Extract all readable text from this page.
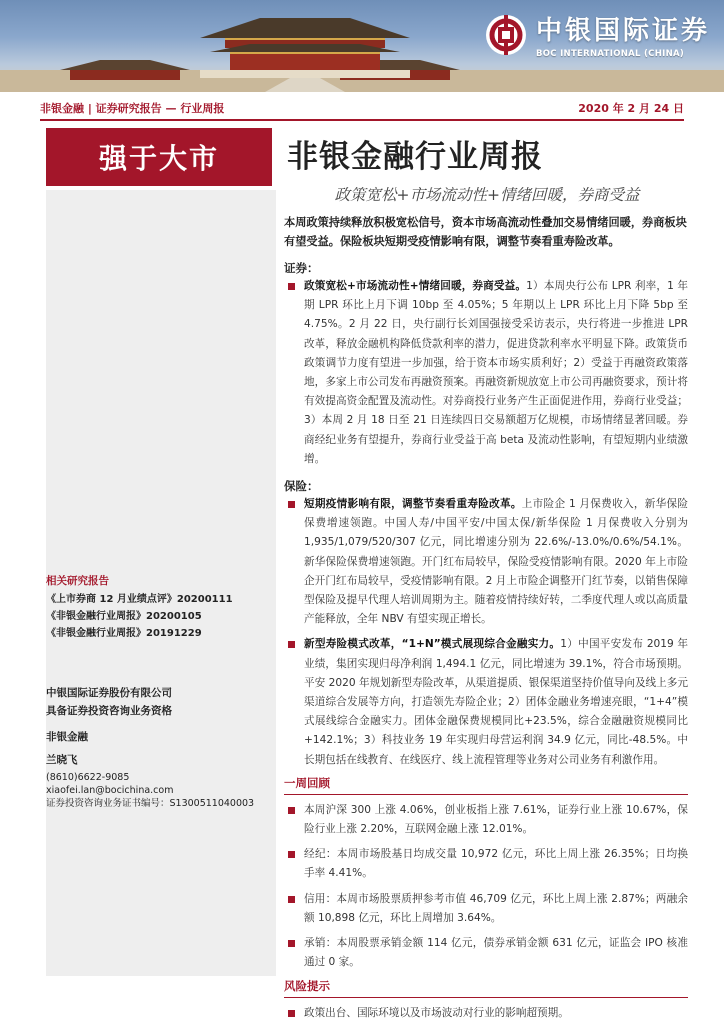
中银国际证券
BOC INTERNATIONAL (CHINA)
非银金融 | 证券研究报告 — 行业周报	2020 年 2 月 24 日
强于大市
相关研究报告
《上市券商 12 月业绩点评》20200111
《非银金融行业周报》20200105
《非银金融行业周报》20191229
中银国际证券股份有限公司
具备证券投资咨询业务资格
非银金融
兰晓飞
(8610)6622-9085
xiaofei.lan@bocichina.com
证券投资咨询业务证书编号：S1300511040003
非银金融行业周报
政策宽松+市场流动性+情绪回暖，券商受益
本周政策持续释放积极宽松信号，资本市场高流动性叠加交易情绪回暖，券商板块有望受益。保险板块短期受疫情影响有限，调整节奏看重寿险改革。
证券：
政策宽松+市场流动性+情绪回暖，券商受益。1）本周央行公布 LPR 利率，1 年期 LPR 环比上月下调 10bp 至 4.05%；5 年期以上 LPR 环比上月下降 5bp 至 4.75%。2 月 22 日，央行副行长刘国强接受采访表示，央行将进一步推进 LPR 改革，释放金融机构降低贷款利率的潜力，促进贷款利率水平明显下降。政策货币政策调节力度有望进一步加强，给于资本市场实质利好；2）受益于再融资政策落地，多家上市公司发布再融资预案。再融资新规放宽上市公司再融资要求，预计将有效提高资金配置及流动性。对券商投行业务产生正面促进作用，券商行业受益；3）本周 2 月 18 日至 21 日连续四日交易额超万亿规模，市场情绪显著回暖。券商经纪业务有望提升，券商行业受益于高 beta 及流动性影响，有望短期内业绩激增。
保险：
短期疫情影响有限，调整节奏看重寿险改革。上市险企 1 月保费收入，新华保险保费增速领跑。中国人寿/中国平安/中国太保/新华保险 1 月保费收入分别为 1,935/1,079/520/307 亿元，同比增速分别为 22.6%/-13.0%/0.6%/54.1%。新华保险保费增速领跑。开门红布局较早，保险受疫情影响有限。2020 年上市险企开门红布局较早，受疫情影响有限。2 月上市险企调整开门红节奏，以销售保障型保险及提早代理人培训周期为主。随着疫情持续好转，二季度代理人或以高质量产能释放，全年 NBV 有望实现正增长。
新型寿险模式改革，“1+N”模式展现综合金融实力。1）中国平安发布 2019 年业绩，集团实现归母净利润 1,494.1 亿元，同比增速为 39.1%，符合市场预期。平安 2020 年规划新型寿险改革，从渠道提质、银保渠道坚持价值导向及线上多元渠道综合发展等方向，打造领先寿险企业；2）团体金融业务增速亮眼，“1+4”模式展线综合金融实力。团体金融保费规模同比+23.5%，综合金融融资规模同比+142.1%；3）科技业务 19 年实现归母营运利润 34.9 亿元，同比-48.5%。中长期包括在线教育、在线医疗、线上流程管理等业务对公司业务有利激作用。
一周回顾
本周沪深 300 上涨 4.06%，创业板指上涨 7.61%，证券行业上涨 10.67%，保险行业上涨 2.20%，互联网金融上涨 12.01%。
经纪：本周市场股基日均成交量 10,972 亿元，环比上周上涨 26.35%；日均换手率 4.41%。
信用：本周市场股票质押参考市值 46,709 亿元，环比上周上涨 2.87%；两融余额 10,898 亿元，环比上周增加 3.64%。
承销：本周股票承销金额 114 亿元，债券承销金额 631 亿元，证监会 IPO 核准通过 0 家。
风险提示
政策出台、国际环境以及市场波动对行业的影响超预期。
